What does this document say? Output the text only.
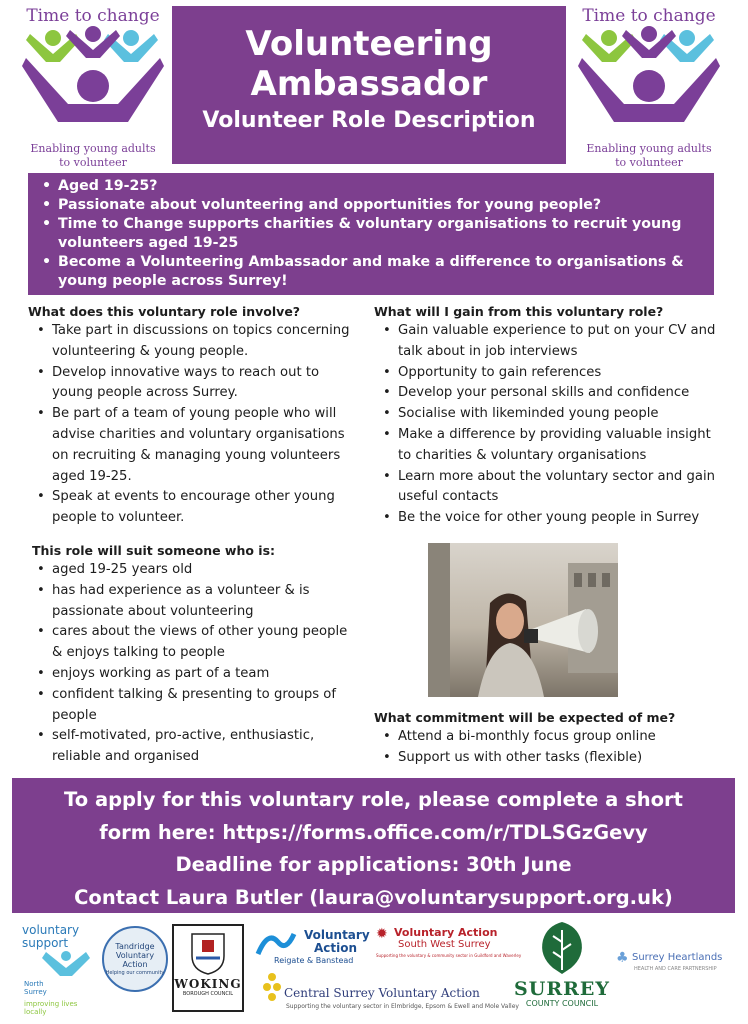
Time to change
Enabling young adults
to volunteer
Volunteering
Ambassador
Volunteer Role Description
Time to change
Enabling young adults
to volunteer
• Aged 19-25?
• Passionate about volunteering and opportunities for young people?
• Time to Change supports charities & voluntary organisations to recruit young volunteers aged 19-25
• Become a Volunteering Ambassador and make a difference to organisations & young people across Surrey!
What does this voluntary role involve?
• Take part in discussions on topics concerning volunteering & young people.
• Develop innovative ways to reach out to young people across Surrey.
• Be part of a team of young people who will advise charities and voluntary organisations on recruiting & managing young volunteers aged 19-25.
• Speak at events to encourage other young people to volunteer.
What will I gain from this voluntary role?
• Gain valuable experience to put on your CV and talk about in job interviews
• Opportunity to gain references
• Develop your personal skills and confidence
• Socialise with likeminded young people
• Make a difference by providing valuable insight to charities & voluntary organisations
• Learn more about the voluntary sector and gain useful contacts
• Be the voice for other young people in Surrey
This role will suit someone who is:
• aged 19-25 years old
• has had experience as a volunteer & is passionate about volunteering
• cares about the views of other young people & enjoys talking to people
• enjoys working as part of a team
• confident talking & presenting to groups of people
• self-motivated, pro-active, enthusiastic, reliable and organised
What commitment will be expected of me?
• Attend a bi-monthly focus group online
• Support us with other tasks (flexible)
To apply for this voluntary role, please complete a short
form here: https://forms.office.com/r/TDLSGzGevy
Deadline for applications: 30th June
Contact Laura Butler (laura@voluntarysupport.org.uk)
voluntary
support
North
Surrey
improving lives locally
Tandridge
Voluntary
Action
Helping our community
WOKING
BOROUGH COUNCIL
Voluntary
Action
Reigate & Banstead
✹ Voluntary Action
South West Surrey
Supporting the voluntary & community sector in Guildford and Waverley
Central Surrey Voluntary Action
Supporting the voluntary sector in Elmbridge, Epsom & Ewell and Mole Valley
SURREY
COUNTY COUNCIL
♣ Surrey Heartlands
HEALTH AND CARE PARTNERSHIP
